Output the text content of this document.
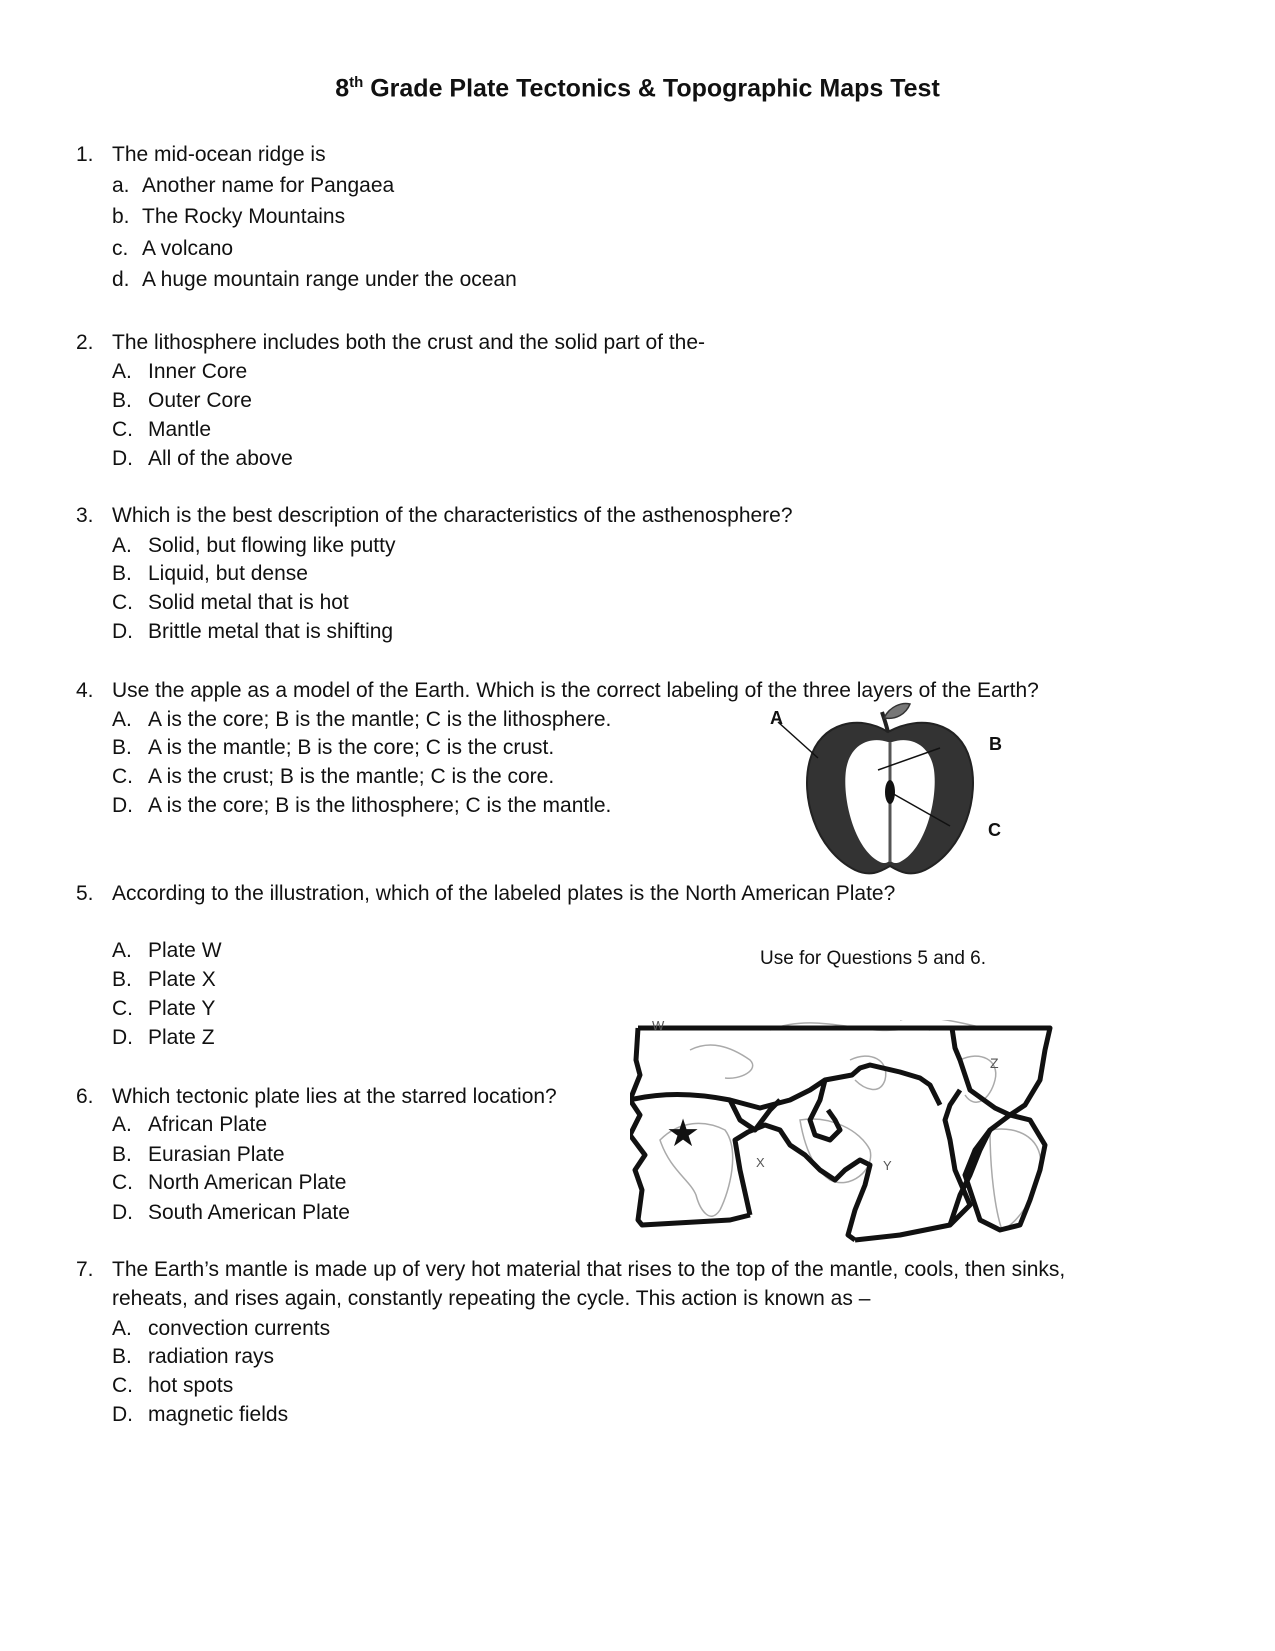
8th Grade Plate Tectonics & Topographic Maps Test
1. The mid-ocean ridge is
a. Another name for Pangaea
b. The Rocky Mountains
c. A volcano
d. A huge mountain range under the ocean
2. The lithosphere includes both the crust and the solid part of the-
A. Inner Core
B. Outer Core
C. Mantle
D. All of the above
3. Which is the best description of the characteristics of the asthenosphere?
A. Solid, but flowing like putty
B. Liquid, but dense
C. Solid metal that is hot
D. Brittle metal that is shifting
4. Use the apple as a model of the Earth. Which is the correct labeling of the three layers of the Earth?
A. A is the core; B is the mantle; C is the lithosphere.
B. A is the mantle; B is the core; C is the crust.
C. A is the crust; B is the mantle; C is the core.
D. A is the core; B is the lithosphere; C is the mantle.
A
B
C
5. According to the illustration, which of the labeled plates is the North American Plate?
A. Plate W
B. Plate X
C. Plate Y
D. Plate Z
Use for Questions 5 and 6.
W
X	Y
Z
★
6. Which tectonic plate lies at the starred location?
A. African Plate
B. Eurasian Plate
C. North American Plate
D. South American Plate
7. The Earth’s mantle is made up of very hot material that rises to the top of the mantle, cools, then sinks,
reheats, and rises again, constantly repeating the cycle. This action is known as –
A. convection currents
B. radiation rays
C. hot spots
D. magnetic fields
